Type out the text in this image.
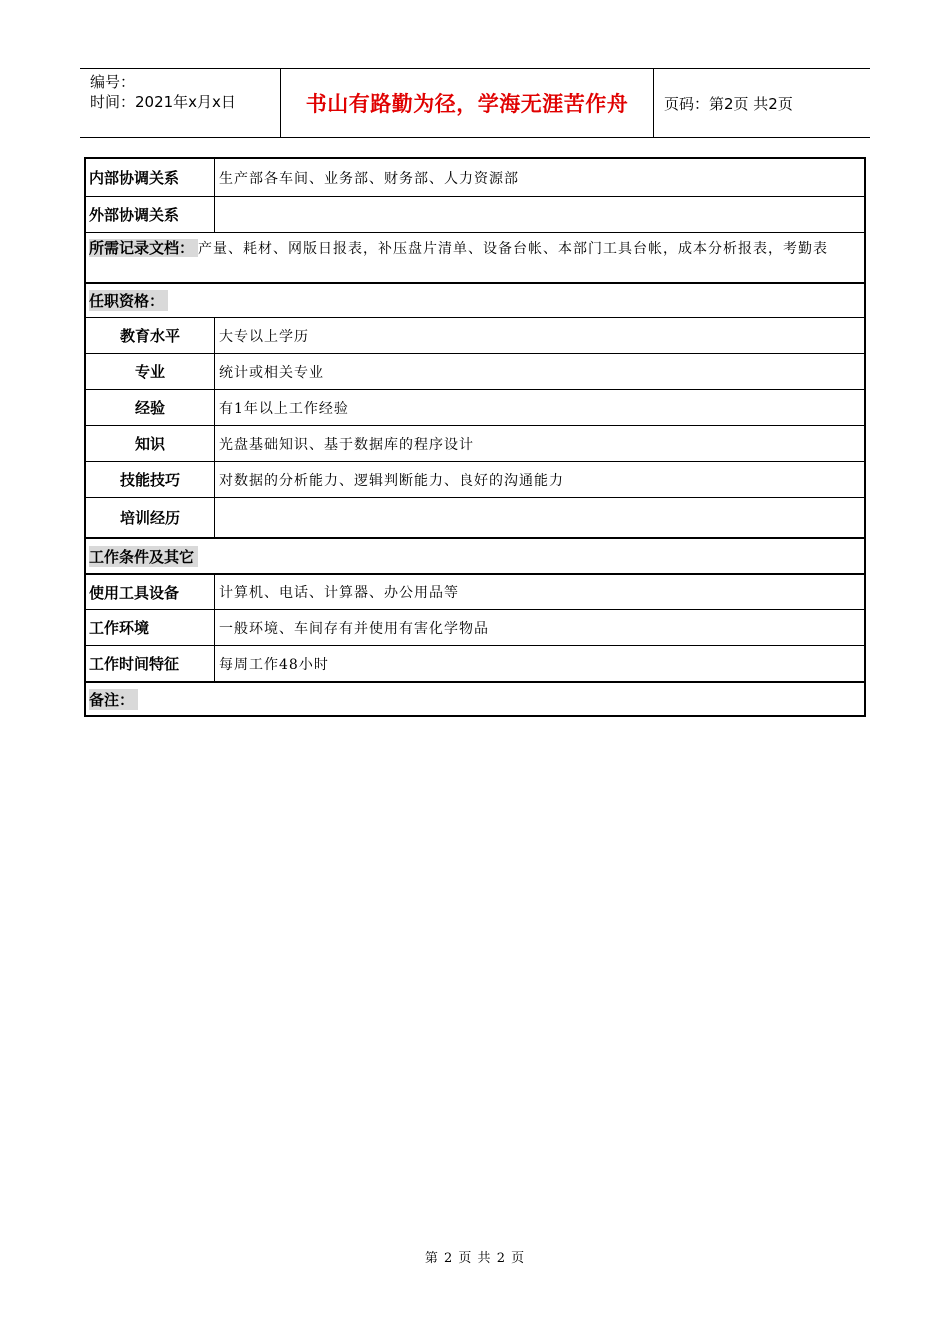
编号：
时间：2021年x月x日	书山有路勤为径，学海无涯苦作舟	页码：第2页 共2页
内部协调关系	生产部各车间、业务部、财务部、人力资源部
外部协调关系
所需记录文档： 产量、耗材、网版日报表，补压盘片清单、设备台帐、本部门工具台帐，成本分析报表，考勤表
任职资格：
教育水平	大专以上学历
专业	统计或相关专业
经验	有1年以上工作经验
知识	光盘基础知识、基于数据库的程序设计
技能技巧	对数据的分析能力、逻辑判断能力、良好的沟通能力
培训经历
工作条件及其它
使用工具设备	计算机、电话、计算器、办公用品等
工作环境	一般环境、车间存有并使用有害化学物品
工作时间特征	每周工作48小时
备注：
第 2 页 共 2 页
